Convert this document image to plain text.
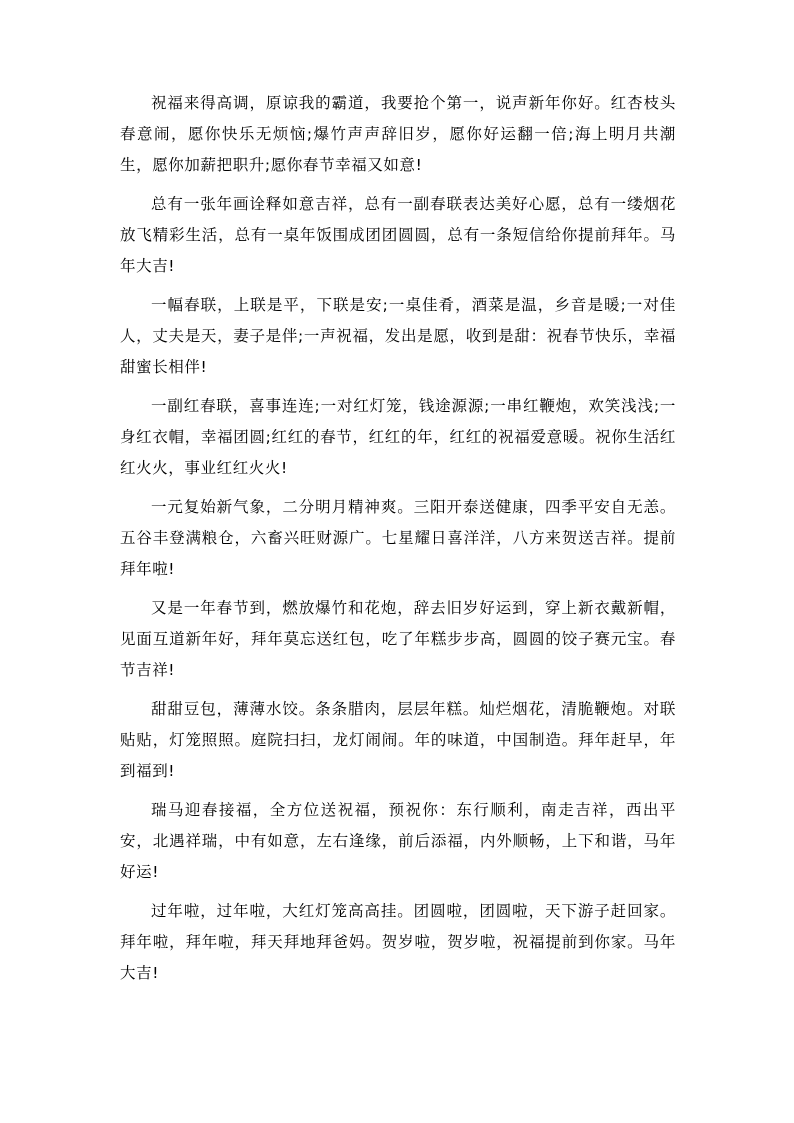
祝福来得高调，原谅我的霸道，我要抢个第一，说声新年你好。红杏枝头春意闹，愿你快乐无烦恼;爆竹声声辞旧岁，愿你好运翻一倍;海上明月共潮生，愿你加薪把职升;愿你春节幸福又如意!

总有一张年画诠释如意吉祥，总有一副春联表达美好心愿，总有一缕烟花放飞精彩生活，总有一桌年饭围成团团圆圆，总有一条短信给你提前拜年。马年大吉!

一幅春联，上联是平，下联是安;一桌佳肴，酒菜是温，乡音是暖;一对佳人，丈夫是天，妻子是伴;一声祝福，发出是愿，收到是甜：祝春节快乐，幸福甜蜜长相伴!

一副红春联，喜事连连;一对红灯笼，钱途源源;一串红鞭炮，欢笑浅浅;一身红衣帽，幸福团圆;红红的春节，红红的年，红红的祝福爱意暖。祝你生活红红火火，事业红红火火!

一元复始新气象，二分明月精神爽。三阳开泰送健康，四季平安自无恙。五谷丰登满粮仓，六畜兴旺财源广。七星耀日喜洋洋，八方来贺送吉祥。提前拜年啦!

又是一年春节到，燃放爆竹和花炮，辞去旧岁好运到，穿上新衣戴新帽，见面互道新年好，拜年莫忘送红包，吃了年糕步步高，圆圆的饺子赛元宝。春节吉祥!

甜甜豆包，薄薄水饺。条条腊肉，层层年糕。灿烂烟花，清脆鞭炮。对联贴贴，灯笼照照。庭院扫扫，龙灯闹闹。年的味道，中国制造。拜年赶早，年到福到!

瑞马迎春接福，全方位送祝福，预祝你：东行顺利，南走吉祥，西出平安，北遇祥瑞，中有如意，左右逢缘，前后添福，内外顺畅，上下和谐，马年好运!

过年啦，过年啦，大红灯笼高高挂。团圆啦，团圆啦，天下游子赶回家。拜年啦，拜年啦，拜天拜地拜爸妈。贺岁啦，贺岁啦，祝福提前到你家。马年大吉!
